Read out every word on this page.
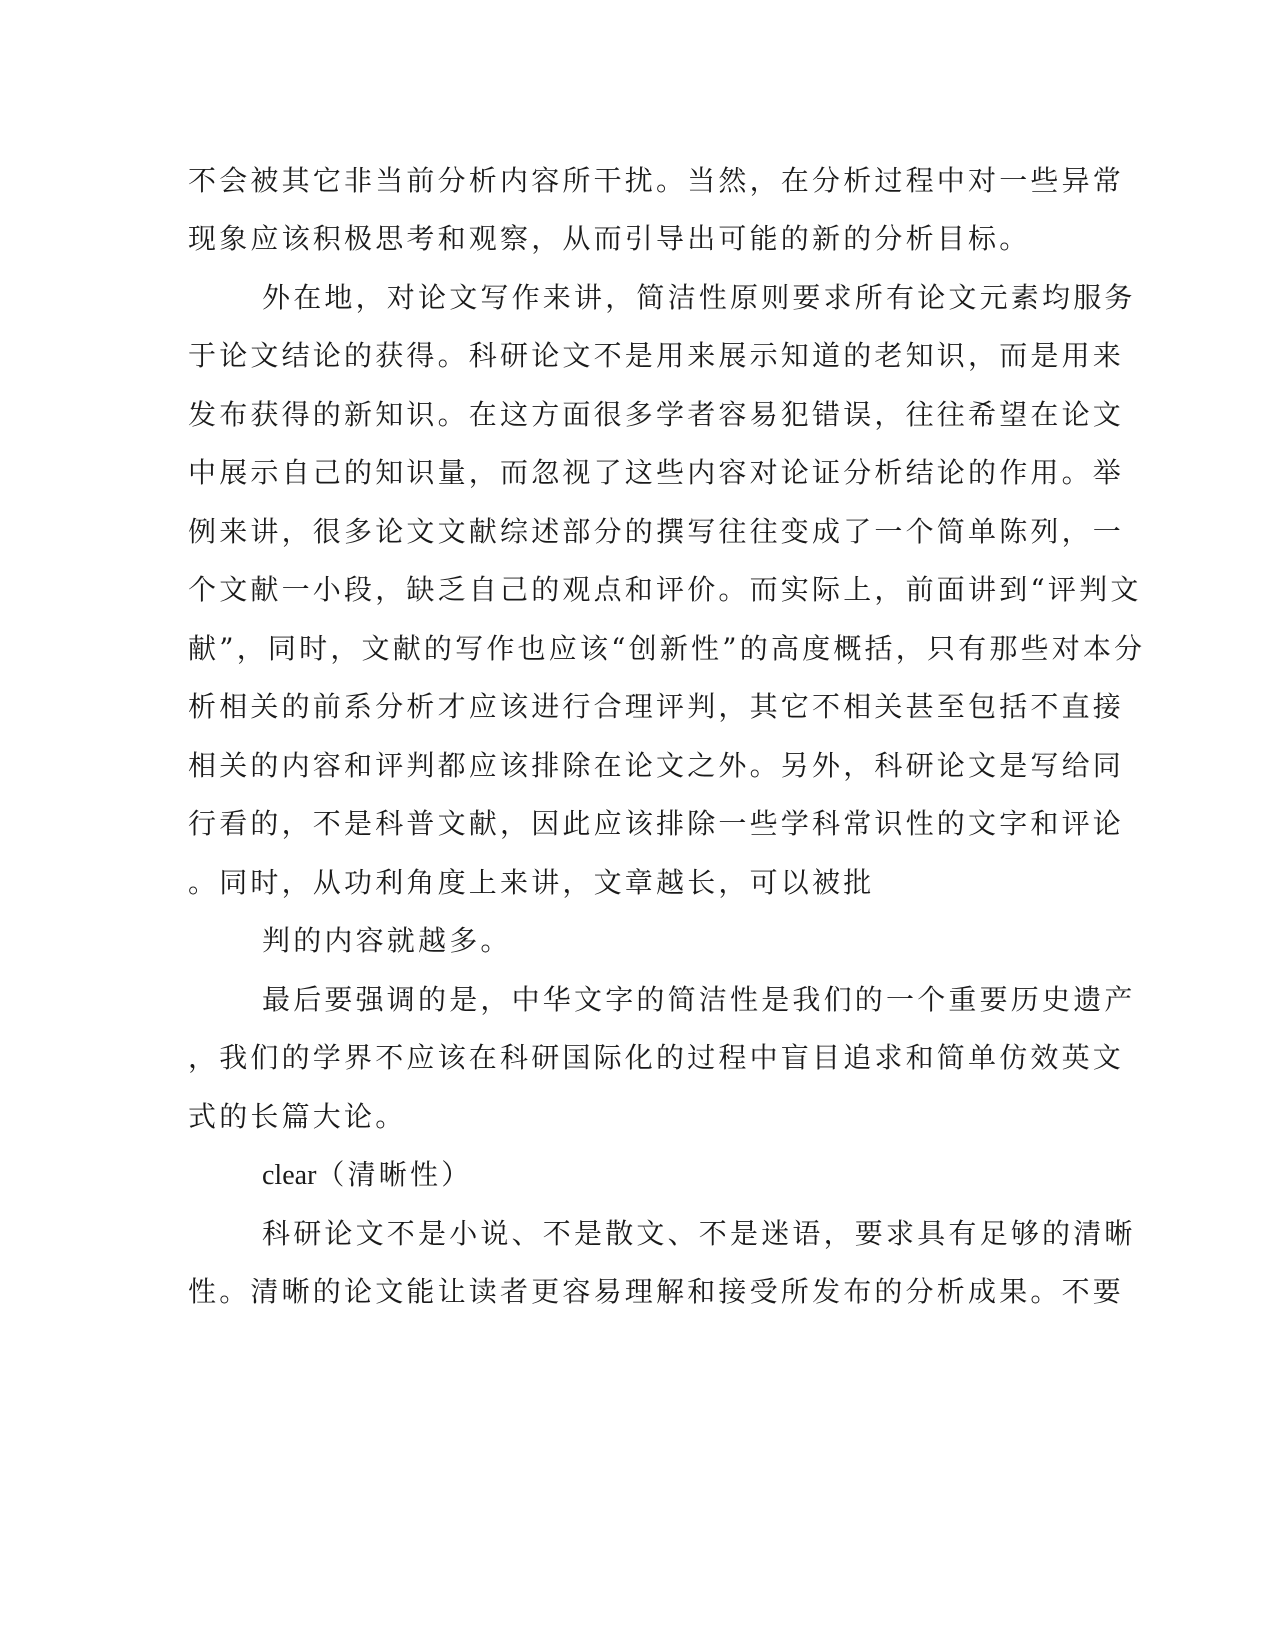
不会被其它非当前分析内容所干扰。当然，在分析过程中对一些异常
现象应该积极思考和观察，从而引导出可能的新的分析目标。
外在地，对论文写作来讲，简洁性原则要求所有论文元素均服务
于论文结论的获得。科研论文不是用来展示知道的老知识，而是用来
发布获得的新知识。在这方面很多学者容易犯错误，往往希望在论文
中展示自己的知识量，而忽视了这些内容对论证分析结论的作用。举
例来讲，很多论文文献综述部分的撰写往往变成了一个简单陈列，一
个文献一小段，缺乏自己的观点和评价。而实际上，前面讲到“评判文
献”，同时，文献的写作也应该“创新性”的高度概括，只有那些对本分
析相关的前系分析才应该进行合理评判，其它不相关甚至包括不直接
相关的内容和评判都应该排除在论文之外。另外，科研论文是写给同
行看的，不是科普文献，因此应该排除一些学科常识性的文字和评论
。同时，从功利角度上来讲，文章越长，可以被批
判的内容就越多。
最后要强调的是，中华文字的简洁性是我们的一个重要历史遗产
，我们的学界不应该在科研国际化的过程中盲目追求和简单仿效英文
式的长篇大论。
clear（清晰性）
科研论文不是小说、不是散文、不是迷语，要求具有足够的清晰
性。清晰的论文能让读者更容易理解和接受所发布的分析成果。不要
